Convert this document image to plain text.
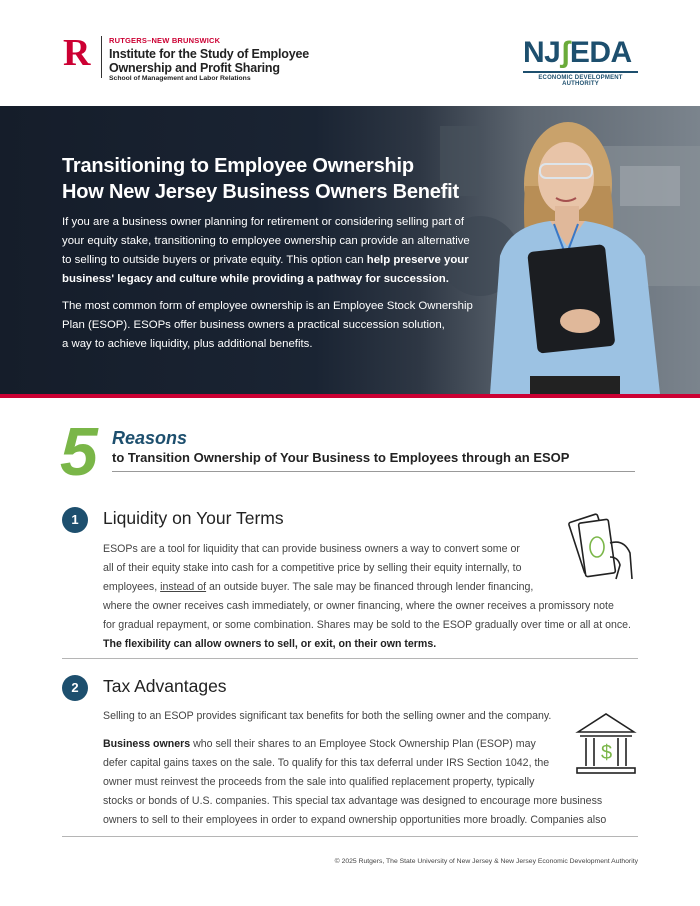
R RUTGERS–NEW BRUNSWICK
Institute for the Study of Employee
Ownership and Profit Sharing
School of Management and Labor Relations
NJʃEDA
ECONOMIC DEVELOPMENT AUTHORITY
Transitioning to Employee Ownership
How New Jersey Business Owners Benefit
If you are a business owner planning for retirement or considering selling part of
your equity stake, transitioning to employee ownership can provide an alternative
to selling to outside buyers or private equity. This option can help preserve your
business' legacy and culture while providing a pathway for succession.
The most common form of employee ownership is an Employee Stock Ownership
Plan (ESOP). ESOPs offer business owners a practical succession solution,
a way to achieve liquidity, plus additional benefits.
5 Reasons
to Transition Ownership of Your Business to Employees through an ESOP
1	Liquidity on Your Terms
ESOPs are a tool for liquidity that can provide business owners a way to convert some or
all of their equity stake into cash for a competitive price by selling their equity internally, to
employees, instead of an outside buyer. The sale may be financed through lender financing,
where the owner receives cash immediately, or owner financing, where the owner receives a promissory note
for gradual repayment, or some combination. Shares may be sold to the ESOP gradually over time or all at once.
The flexibility can allow owners to sell, or exit, on their own terms.
2	Tax Advantages
Selling to an ESOP provides significant tax benefits for both the selling owner and the company.
$
Business owners who sell their shares to an Employee Stock Ownership Plan (ESOP) may
defer capital gains taxes on the sale. To qualify for this tax deferral under IRS Section 1042, the
owner must reinvest the proceeds from the sale into qualified replacement property, typically
stocks or bonds of U.S. companies. This special tax advantage was designed to encourage more business
owners to sell to their employees in order to expand ownership opportunities more broadly. Companies also
© 2025 Rutgers, The State University of New Jersey & New Jersey Economic Development Authority
